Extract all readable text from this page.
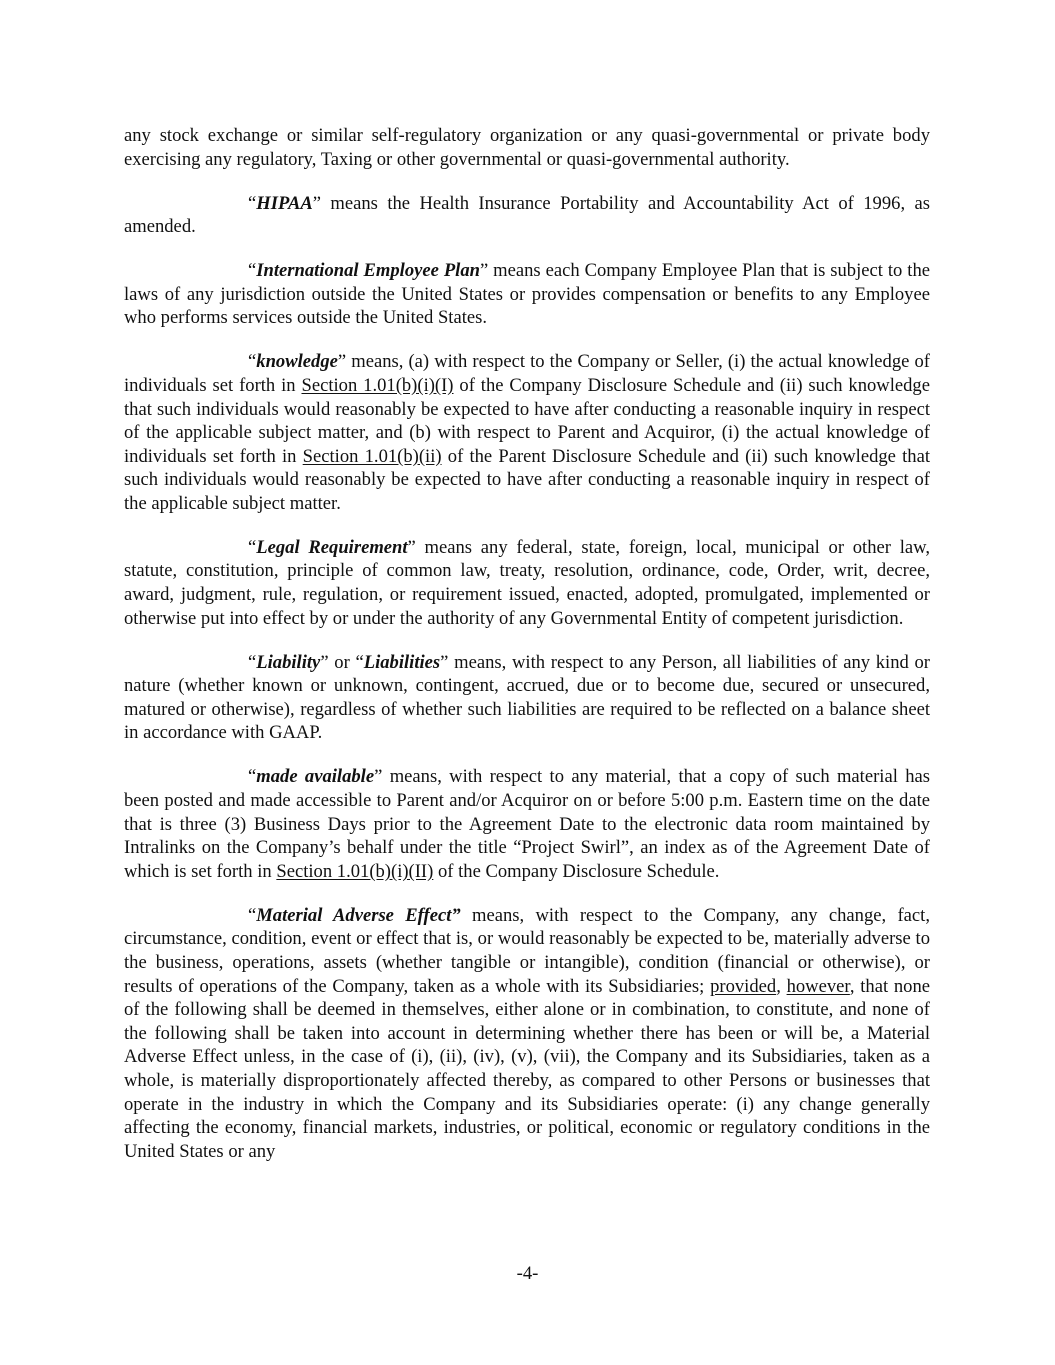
any stock exchange or similar self-regulatory organization or any quasi-governmental or private body exercising any regulatory, Taxing or other governmental or quasi-governmental authority.

“HIPAA” means the Health Insurance Portability and Accountability Act of 1996, as amended.

“International Employee Plan” means each Company Employee Plan that is subject to the laws of any jurisdiction outside the United States or provides compensation or benefits to any Employee who performs services outside the United States.

“knowledge” means, (a) with respect to the Company or Seller, (i) the actual knowledge of individuals set forth in Section 1.01(b)(i)(I) of the Company Disclosure Schedule and (ii) such knowledge that such individuals would reasonably be expected to have after conducting a reasonable inquiry in respect of the applicable subject matter, and (b) with respect to Parent and Acquiror, (i) the actual knowledge of individuals set forth in Section 1.01(b)(ii) of the Parent Disclosure Schedule and (ii) such knowledge that such individuals would reasonably be expected to have after conducting a reasonable inquiry in respect of the applicable subject matter.

“Legal Requirement” means any federal, state, foreign, local, municipal or other law, statute, constitution, principle of common law, treaty, resolution, ordinance, code, Order, writ, decree, award, judgment, rule, regulation, or requirement issued, enacted, adopted, promulgated, implemented or otherwise put into effect by or under the authority of any Governmental Entity of competent jurisdiction.

“Liability” or “Liabilities” means, with respect to any Person, all liabilities of any kind or nature (whether known or unknown, contingent, accrued, due or to become due, secured or unsecured, matured or otherwise), regardless of whether such liabilities are required to be reflected on a balance sheet in accordance with GAAP.

“made available” means, with respect to any material, that a copy of such material has been posted and made accessible to Parent and/or Acquiror on or before 5:00 p.m. Eastern time on the date that is three (3) Business Days prior to the Agreement Date to the electronic data room maintained by Intralinks on the Company’s behalf under the title “Project Swirl”, an index as of the Agreement Date of which is set forth in Section 1.01(b)(i)(II) of the Company Disclosure Schedule.

“Material Adverse Effect” means, with respect to the Company, any change, fact, circumstance, condition, event or effect that is, or would reasonably be expected to be, materially adverse to the business, operations, assets (whether tangible or intangible), condition (financial or otherwise), or results of operations of the Company, taken as a whole with its Subsidiaries; provided, however, that none of the following shall be deemed in themselves, either alone or in combination, to constitute, and none of the following shall be taken into account in determining whether there has been or will be, a Material Adverse Effect unless, in the case of (i), (ii), (iv), (v), (vii), the Company and its Subsidiaries, taken as a whole, is materially disproportionately affected thereby, as compared to other Persons or businesses that operate in the industry in which the Company and its Subsidiaries operate: (i) any change generally affecting the economy, financial markets, industries, or political, economic or regulatory conditions in the United States or any

-4-
